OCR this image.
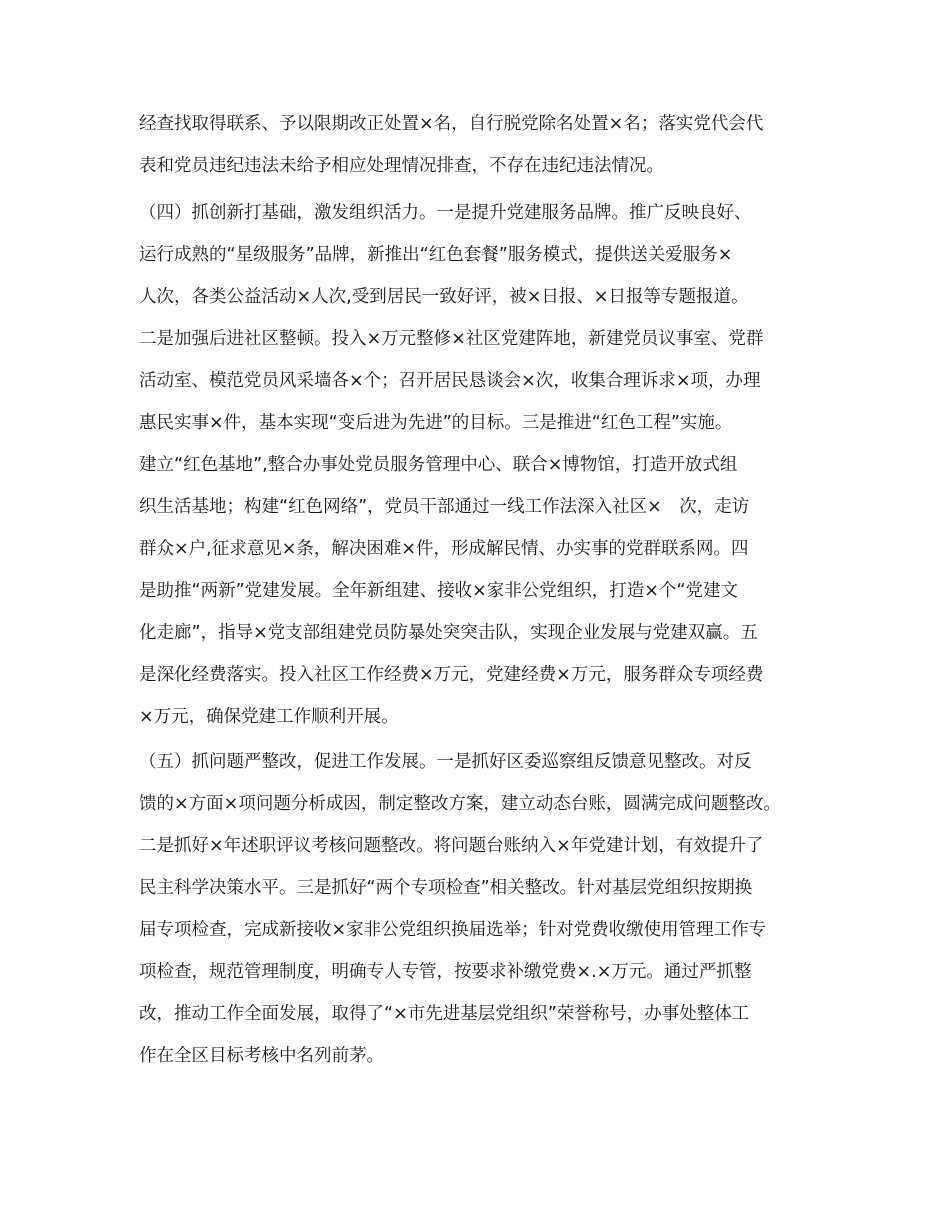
经查找取得联系、予以限期改正处置×名，自行脱党除名处置×名；落实党代会代
表和党员违纪违法未给予相应处理情况排查，不存在违纪违法情况。
（四）抓创新打基础，激发组织活力。一是提升党建服务品牌。推广反映良好、
运行成熟的“星级服务”品牌，新推出“红色套餐”服务模式，提供送关爱服务×
人次，各类公益活动×人次,受到居民一致好评，被×日报、×日报等专题报道。
二是加强后进社区整顿。投入×万元整修×社区党建阵地，新建党员议事室、党群
活动室、模范党员风采墙各×个；召开居民恳谈会×次，收集合理诉求×项，办理
惠民实事×件，基本实现“变后进为先进”的目标。三是推进“红色工程”实施。
建立“红色基地”,整合办事处党员服务管理中心、联合×博物馆，打造开放式组
织生活基地；构建“红色网络”，党员干部通过一线工作法深入社区×　次，走访
群众×户,征求意见×条，解决困难×件，形成解民情、办实事的党群联系网。四
是助推“两新”党建发展。全年新组建、接收×家非公党组织，打造×个“党建文
化走廊”，指导×党支部组建党员防暴处突突击队，实现企业发展与党建双赢。五
是深化经费落实。投入社区工作经费×万元，党建经费×万元，服务群众专项经费
×万元，确保党建工作顺利开展。
（五）抓问题严整改，促进工作发展。一是抓好区委巡察组反馈意见整改。对反
馈的×方面×项问题分析成因，制定整改方案，建立动态台账，圆满完成问题整改。
二是抓好×年述职评议考核问题整改。将问题台账纳入×年党建计划，有效提升了
民主科学决策水平。三是抓好“两个专项检查”相关整改。针对基层党组织按期换
届专项检查，完成新接收×家非公党组织换届选举；针对党费收缴使用管理工作专
项检查，规范管理制度，明确专人专管，按要求补缴党费×.×万元。通过严抓整
改，推动工作全面发展，取得了“×市先进基层党组织”荣誉称号，办事处整体工
作在全区目标考核中名列前茅。
